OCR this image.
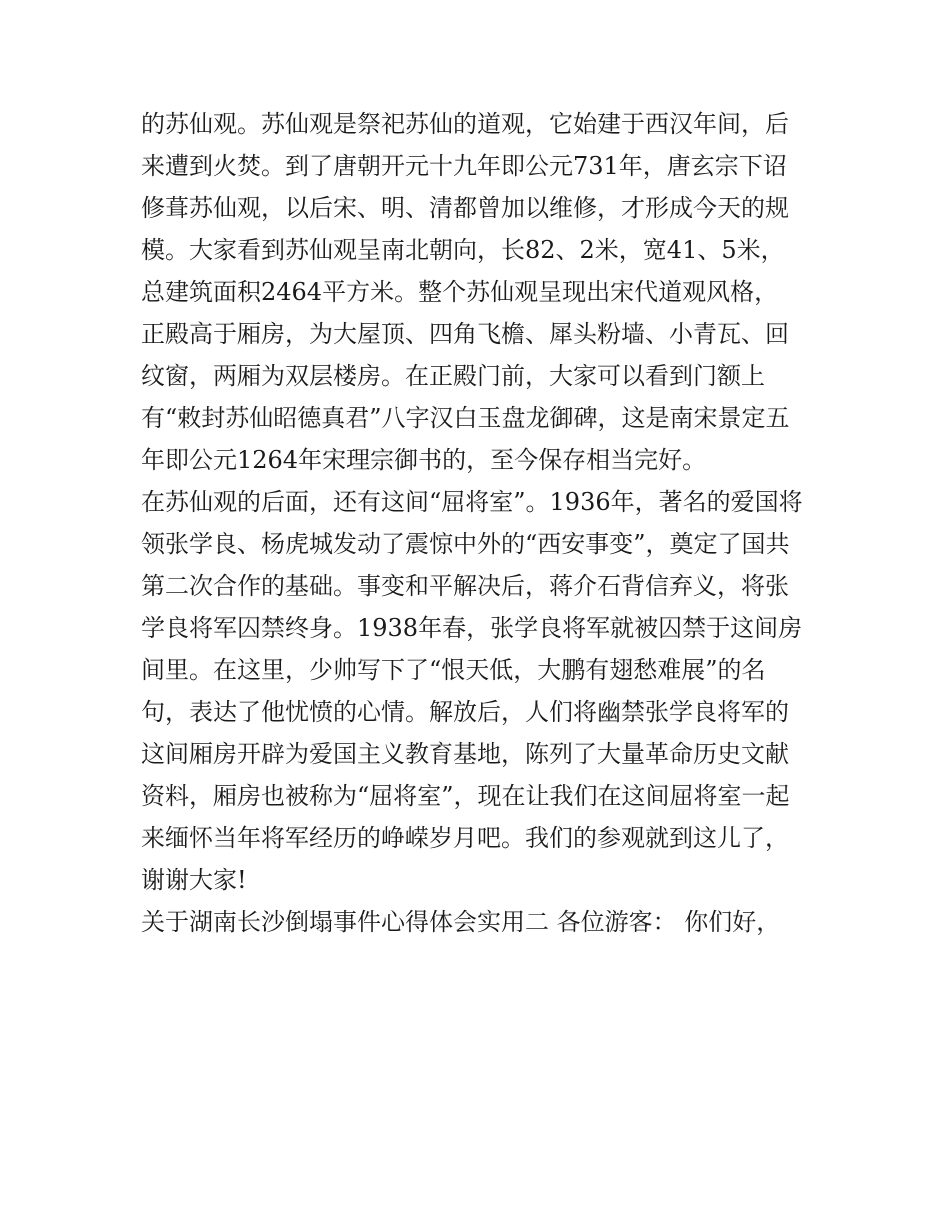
的苏仙观。苏仙观是祭祀苏仙的道观，它始建于西汉年间，后
来遭到火焚。到了唐朝开元十九年即公元731年，唐玄宗下诏
修葺苏仙观，以后宋、明、清都曾加以维修，才形成今天的规
模。大家看到苏仙观呈南北朝向，长82、2米，宽41、5米，
总建筑面积2464平方米。整个苏仙观呈现出宋代道观风格，
正殿高于厢房，为大屋顶、四角飞檐、犀头粉墙、小青瓦、回
纹窗，两厢为双层楼房。在正殿门前，大家可以看到门额上
有“敕封苏仙昭德真君”八字汉白玉盘龙御碑，这是南宋景定五
年即公元1264年宋理宗御书的，至今保存相当完好。
在苏仙观的后面，还有这间“屈将室”。1936年，著名的爱国将
领张学良、杨虎城发动了震惊中外的“西安事变”，奠定了国共
第二次合作的基础。事变和平解决后，蒋介石背信弃义，将张
学良将军囚禁终身。1938年春，张学良将军就被囚禁于这间房
间里。在这里，少帅写下了“恨天低，大鹏有翅愁难展”的名
句，表达了他忧愤的心情。解放后，人们将幽禁张学良将军的
这间厢房开辟为爱国主义教育基地，陈列了大量革命历史文献
资料，厢房也被称为“屈将室”，现在让我们在这间屈将室一起
来缅怀当年将军经历的峥嵘岁月吧。我们的参观就到这儿了，
谢谢大家!
关于湖南长沙倒塌事件心得体会实用二 各位游客： 你们好，
